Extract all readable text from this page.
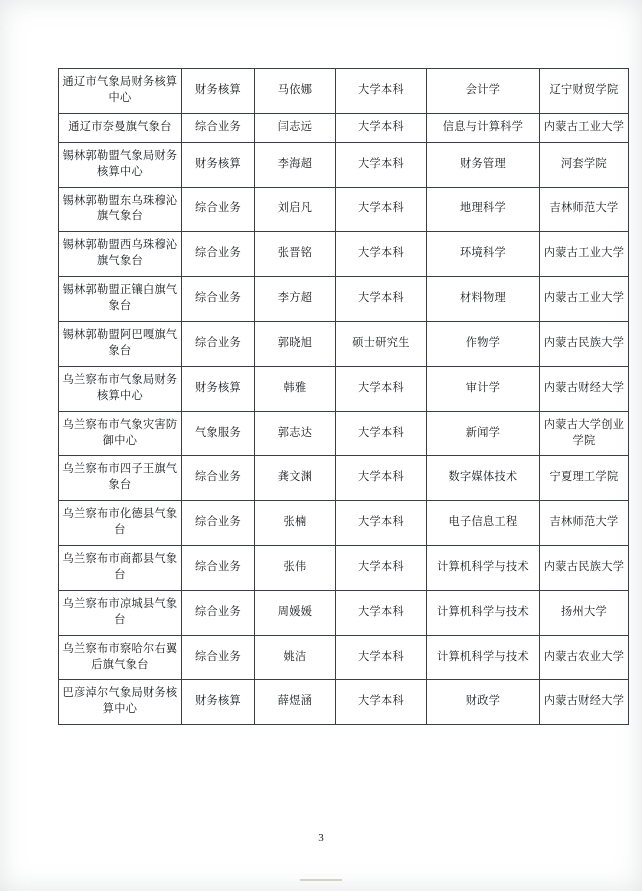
通辽市气象局财务核算中心	财务核算	马依娜	大学本科	会计学	辽宁财贸学院
通辽市奈曼旗气象台	综合业务	闫志远	大学本科	信息与计算科学	内蒙古工业大学
锡林郭勒盟气象局财务核算中心	财务核算	李海超	大学本科	财务管理	河套学院
锡林郭勒盟东乌珠穆沁旗气象台	综合业务	刘启凡	大学本科	地理科学	吉林师范大学
锡林郭勒盟西乌珠穆沁旗气象台	综合业务	张晋铭	大学本科	环境科学	内蒙古工业大学
锡林郭勒盟正镶白旗气象台	综合业务	李方超	大学本科	材料物理	内蒙古工业大学
锡林郭勒盟阿巴嘎旗气象台	综合业务	郭晓旭	硕士研究生	作物学	内蒙古民族大学
乌兰察布市气象局财务核算中心	财务核算	韩雅	大学本科	审计学	内蒙古财经大学
乌兰察布市气象灾害防御中心	气象服务	郭志达	大学本科	新闻学	内蒙古大学创业学院
乌兰察布市四子王旗气象台	综合业务	龚文渊	大学本科	数字媒体技术	宁夏理工学院
乌兰察布市化德县气象台	综合业务	张楠	大学本科	电子信息工程	吉林师范大学
乌兰察布市商都县气象台	综合业务	张伟	大学本科	计算机科学与技术	内蒙古民族大学
乌兰察布市凉城县气象台	综合业务	周媛媛	大学本科	计算机科学与技术	扬州大学
乌兰察布市察哈尔右翼后旗气象台	综合业务	姚洁	大学本科	计算机科学与技术	内蒙古农业大学
巴彦淖尔气象局财务核算中心	财务核算	薛煜涵	大学本科	财政学	内蒙古财经大学
3
